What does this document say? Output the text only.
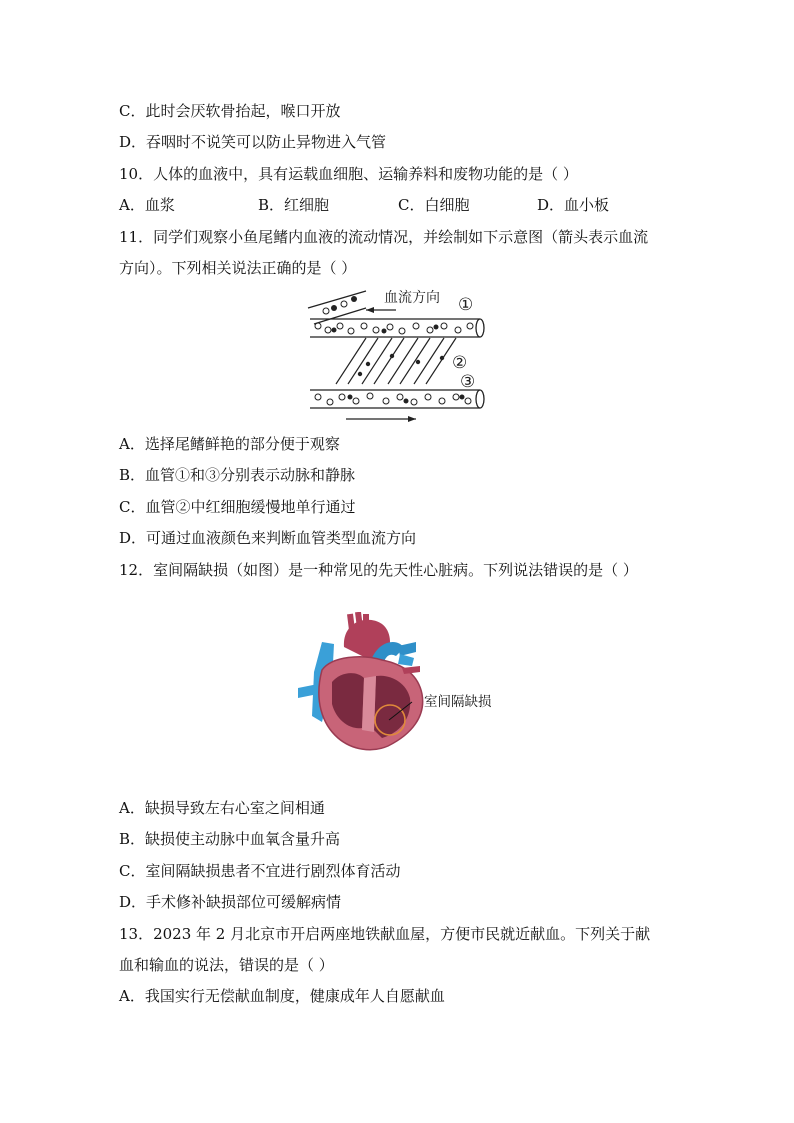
C．此时会厌软骨抬起，喉口开放
D．吞咽时不说笑可以防止异物进入气管
10．人体的血液中，具有运载血细胞、运输养料和废物功能的是（ ）
A．血浆	B．红细胞	C．白细胞	D．血小板
11．同学们观察小鱼尾鳍内血液的流动情况，并绘制如下示意图（箭头表示血流
方向）。下列相关说法正确的是（ ）
血流方向 ①
②
③
A．选择尾鳍鲜艳的部分便于观察
B．血管①和③分别表示动脉和静脉
C．血管②中红细胞缓慢地单行通过
D．可通过血液颜色来判断血管类型血流方向
12．室间隔缺损（如图）是一种常见的先天性心脏病。下列说法错误的是（ ）
室间隔缺损
A．缺损导致左右心室之间相通
B．缺损使主动脉中血氧含量升高
C．室间隔缺损患者不宜进行剧烈体育活动
D．手术修补缺损部位可缓解病情
13．2023 年 2 月北京市开启两座地铁献血屋，方便市民就近献血。下列关于献
血和输血的说法，错误的是（ ）
A．我国实行无偿献血制度，健康成年人自愿献血
